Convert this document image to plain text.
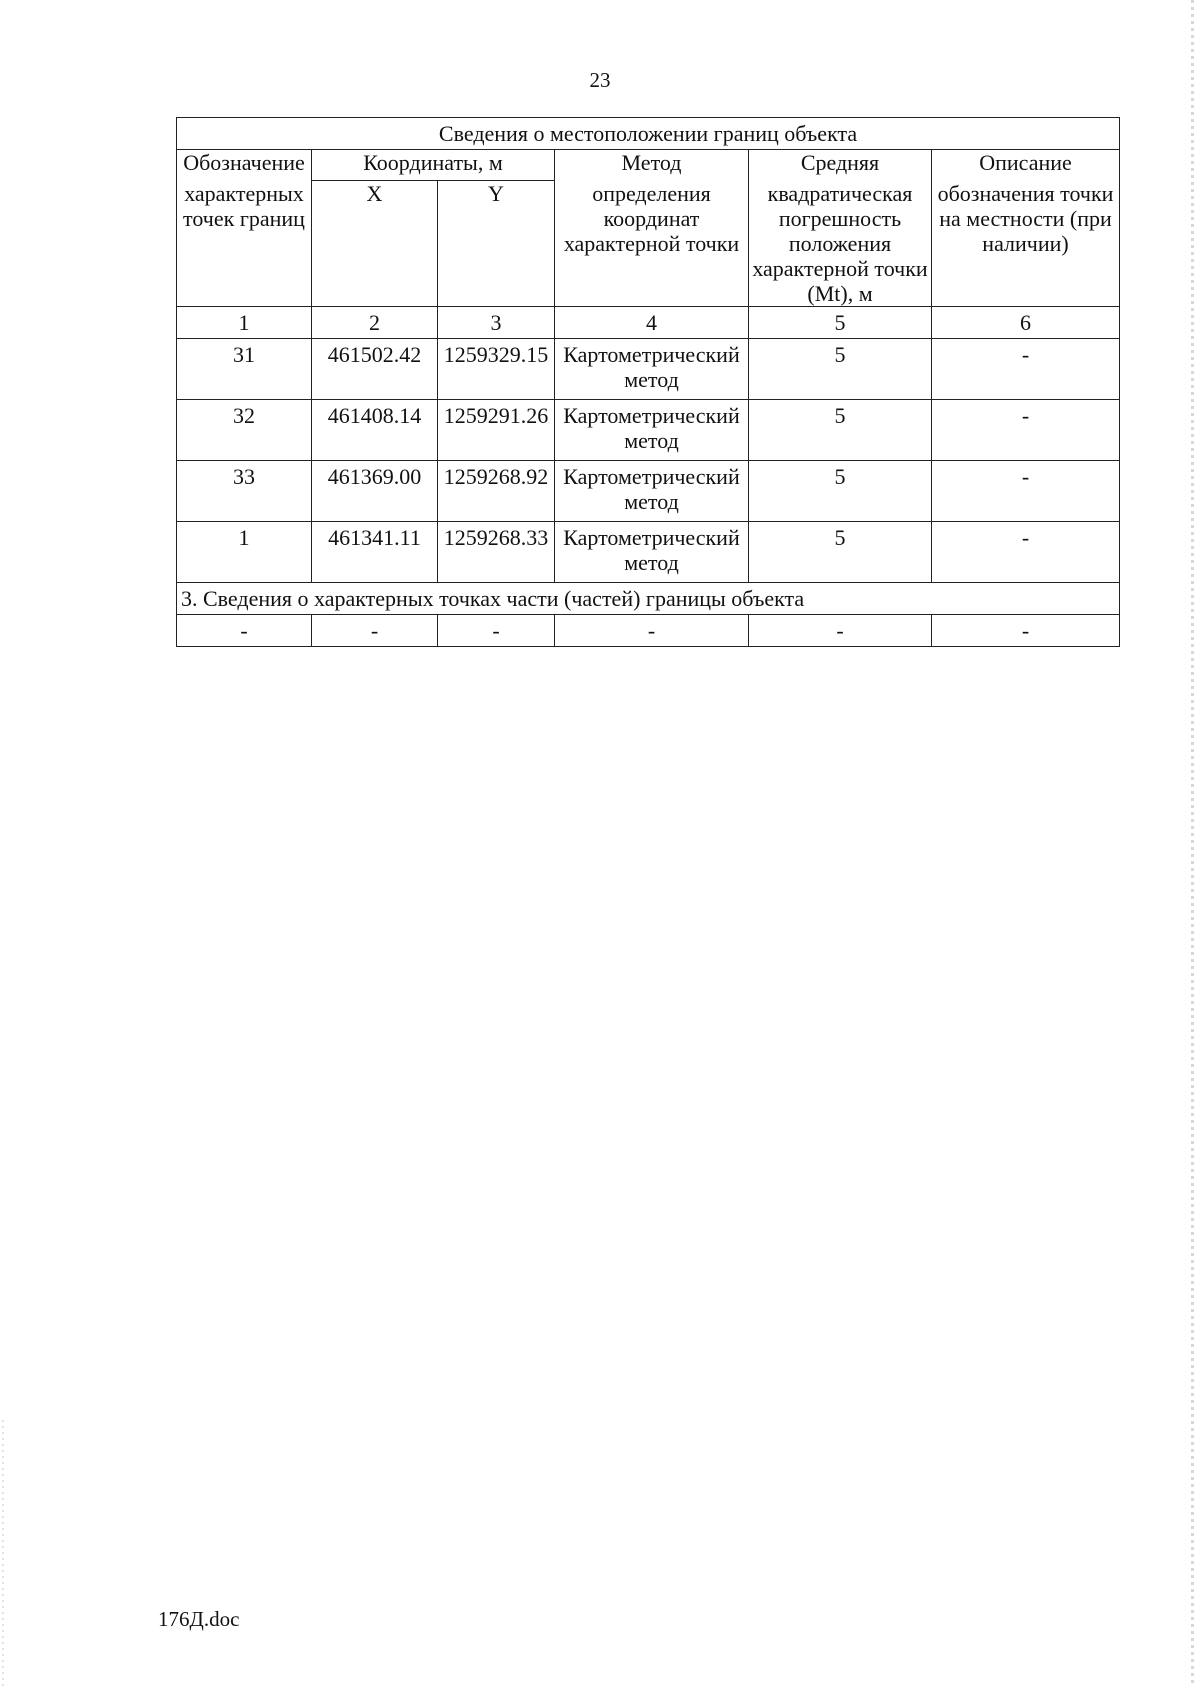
23
Сведения о местоположении границ объекта					
Обозначение	Координаты, м		Метод	Средняя	Описание
характерных точек границ	X	Y	определения координат характерной точки	квадратическая погрешность положения характерной точки (Mt), м	обозначения точки на местности (при наличии)
1	2	3	4	5	6
31	461502.42	1259329.15	Картометрический метод	5	-
32	461408.14	1259291.26	Картометрический метод	5	-
33	461369.00	1259268.92	Картометрический метод	5	-
1	461341.11	1259268.33	Картометрический метод	5	-
3. Сведения о характерных точках части (частей) границы объекта					
-	-	-	-	-	-
176Д.doc
